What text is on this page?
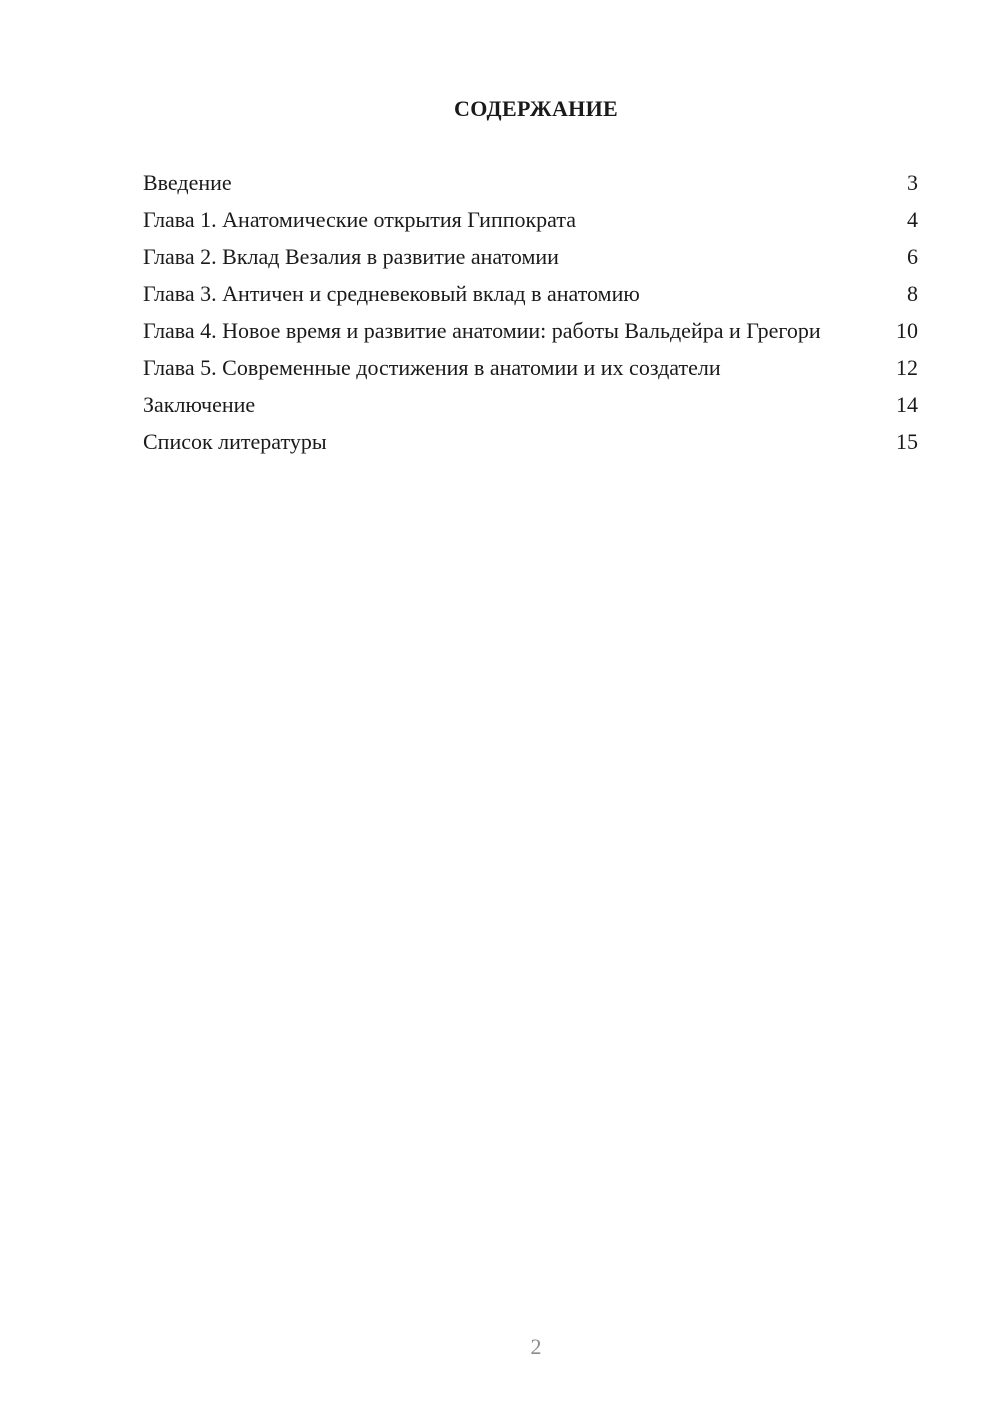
СОДЕРЖАНИЕ
Введение	3
Глава 1. Анатомические открытия Гиппократа	4
Глава 2. Вклад Везалия в развитие анатомии	6
Глава 3. Античен и средневековый вклад в анатомию	8
Глава 4. Новое время и развитие анатомии: работы Вальдейра и Грегори	10
Глава 5. Современные достижения в анатомии и их создатели	12
Заключение	14
Список литературы	15
2
